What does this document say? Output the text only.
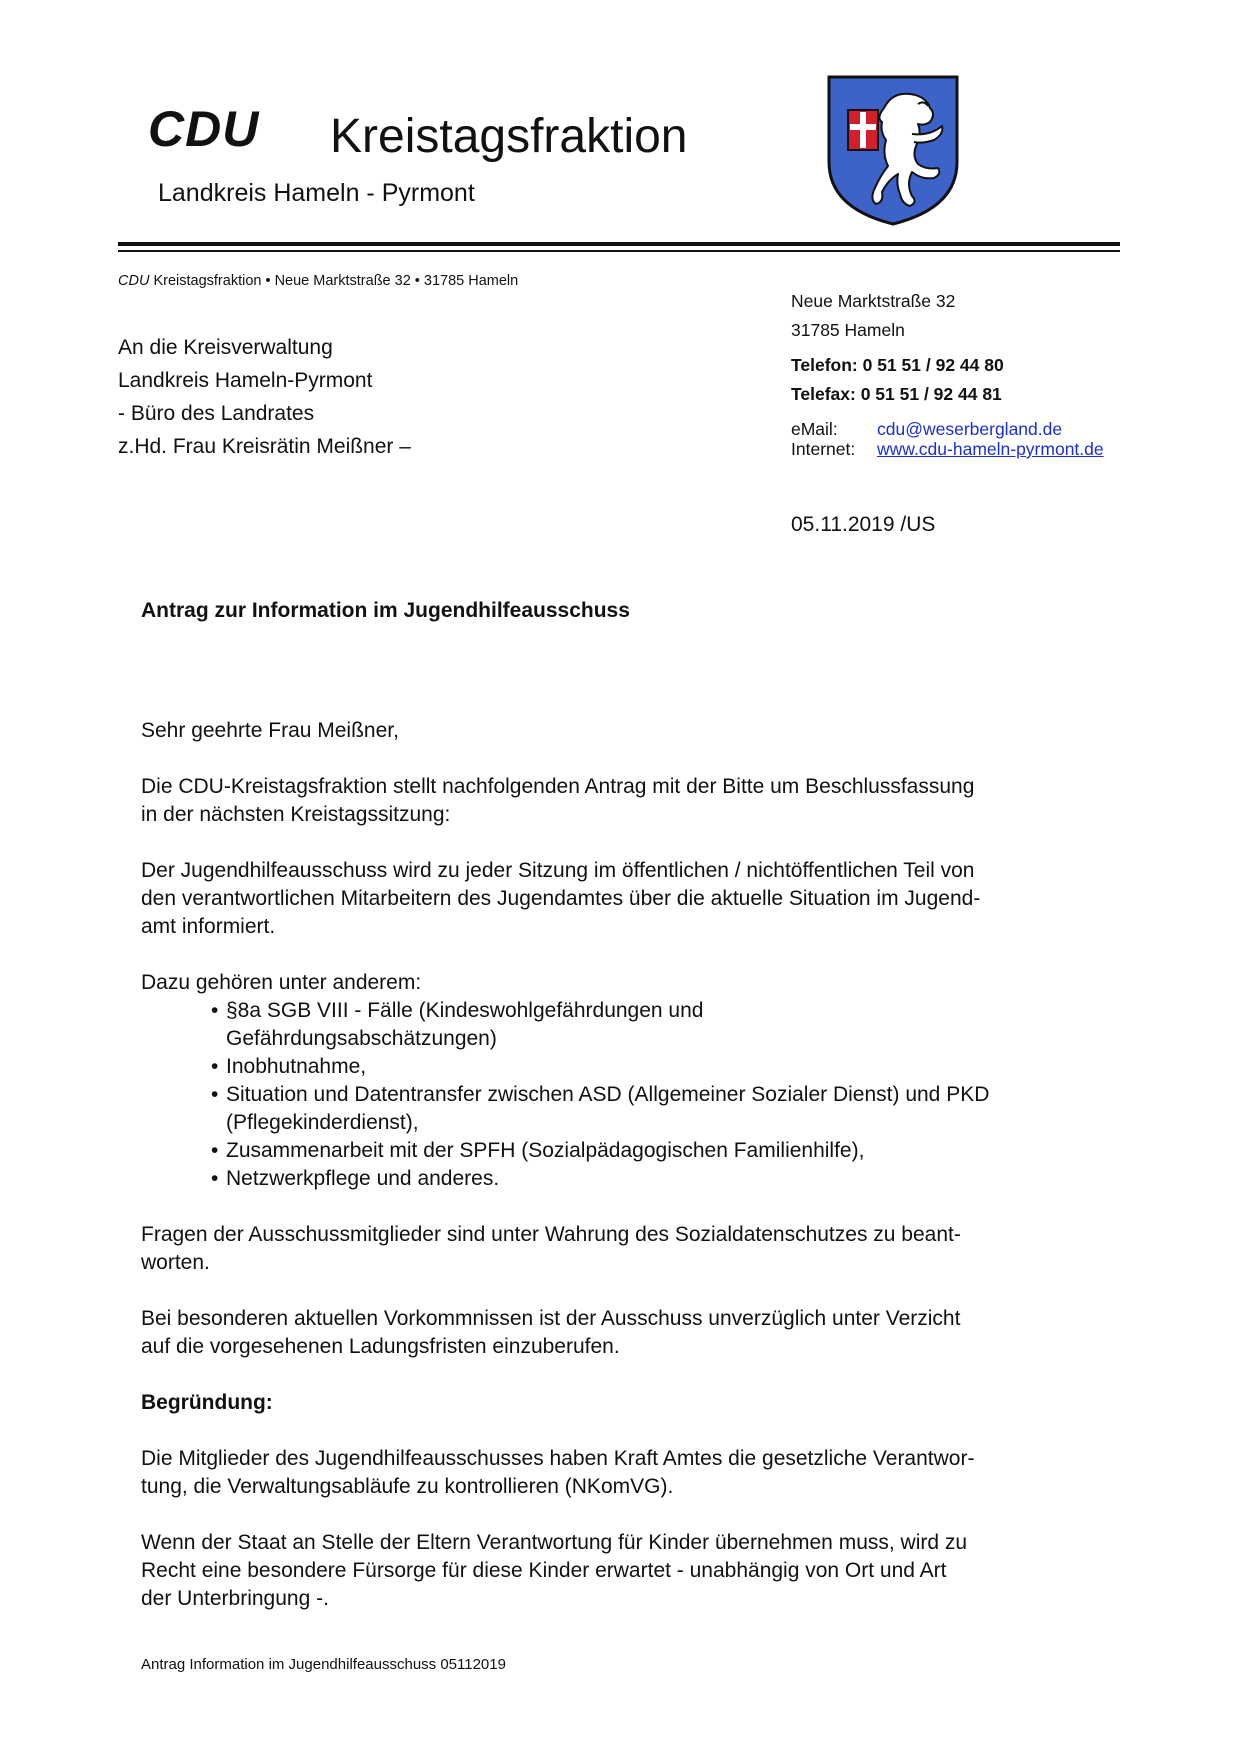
CDU Kreistagsfraktion
Landkreis Hameln - Pyrmont
CDU Kreistagsfraktion • Neue Marktstraße 32 • 31785 Hameln
An die Kreisverwaltung
Landkreis Hameln-Pyrmont
- Büro des Landrates
z.Hd. Frau Kreisrätin Meißner –
Neue Marktstraße 32
31785 Hameln
Telefon: 0 51 51 / 92 44 80
Telefax: 0 51 51 / 92 44 81
eMail: cdu@weserbergland.de
Internet: www.cdu-hameln-pyrmont.de
05.11.2019 /US
Antrag zur Information im Jugendhilfeausschuss

Sehr geehrte Frau Meißner,

Die CDU-Kreistagsfraktion stellt nachfolgenden Antrag mit der Bitte um Beschlussfassung
in der nächsten Kreistagssitzung:

Der Jugendhilfeausschuss wird zu jeder Sitzung im öffentlichen / nichtöffentlichen Teil von
den verantwortlichen Mitarbeitern des Jugendamtes über die aktuelle Situation im Jugend-
amt informiert.

Dazu gehören unter anderem:

• §8a SGB VIII - Fälle (Kindeswohlgefährdungen und
Gefährdungsabschätzungen)
• Inobhutnahme,
• Situation und Datentransfer zwischen ASD (Allgemeiner Sozialer Dienst) und PKD
(Pflegekinderdienst),
• Zusammenarbeit mit der SPFH (Sozialpädagogischen Familienhilfe),
• Netzwerkpflege und anderes.

Fragen der Ausschussmitglieder sind unter Wahrung des Sozialdatenschutzes zu beant-
worten.

Bei besonderen aktuellen Vorkommnissen ist der Ausschuss unverzüglich unter Verzicht
auf die vorgesehenen Ladungsfristen einzuberufen.

Begründung:

Die Mitglieder des Jugendhilfeausschusses haben Kraft Amtes die gesetzliche Verantwor-
tung, die Verwaltungsabläufe zu kontrollieren (NKomVG).

Wenn der Staat an Stelle der Eltern Verantwortung für Kinder übernehmen muss, wird zu
Recht eine besondere Fürsorge für diese Kinder erwartet - unabhängig von Ort und Art
der Unterbringung -.

Antrag Information im Jugendhilfeausschuss 05112019
